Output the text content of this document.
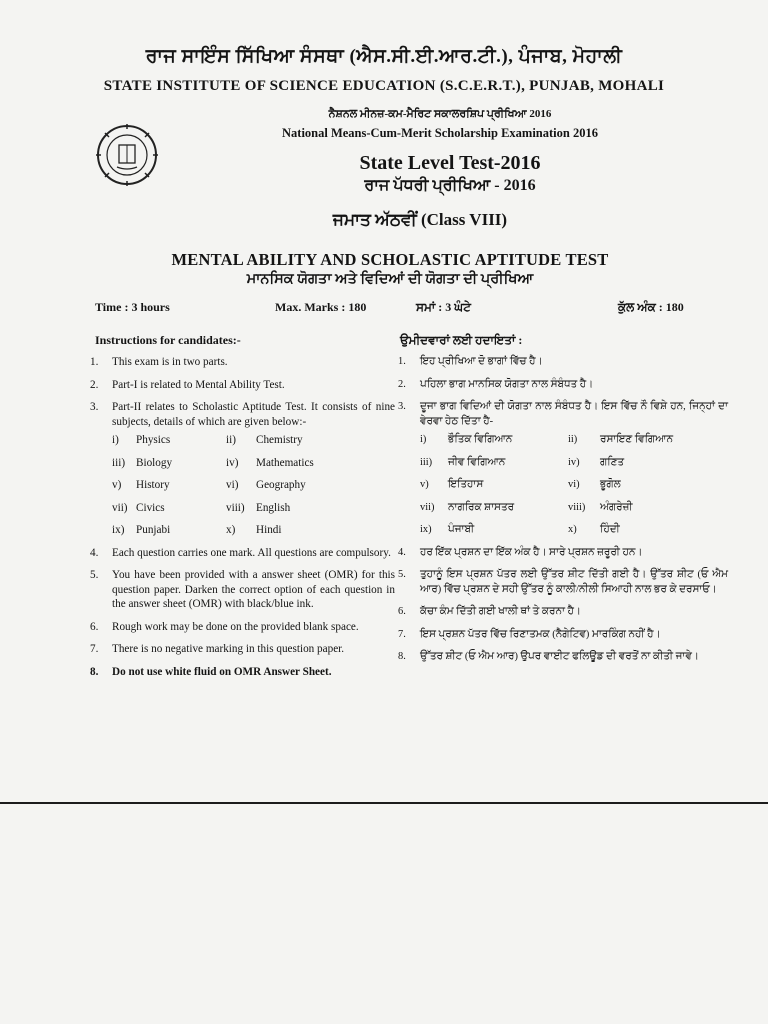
ਰਾਜ ਸਾਇੰਸ ਸਿੱਖਿਆ ਸੰਸਥਾ (ਐਸ.ਸੀ.ਈ.ਆਰ.ਟੀ.), ਪੰਜਾਬ, ਮੋਹਾਲੀ
STATE INSTITUTE OF SCIENCE EDUCATION (S.C.E.R.T.), PUNJAB, MOHALI
ਨੈਸ਼ਨਲ ਮੀਨਜ਼-ਕਮ-ਮੈਰਿਟ ਸਕਾਲਰਸ਼ਿਪ ਪ੍ਰੀਖਿਆ 2016
National Means-Cum-Merit Scholarship Examination 2016
State Level Test-2016
ਰਾਜ ਪੱਧਰੀ ਪ੍ਰੀਖਿਆ - 2016
ਜਮਾਤ ਅੱਠਵੀਂ (Class VIII)
MENTAL ABILITY AND SCHOLASTIC APTITUDE TEST
ਮਾਨਸਿਕ ਯੋਗਤਾ ਅਤੇ ਵਿਦਿਆਂ ਦੀ ਯੋਗਤਾ ਦੀ ਪ੍ਰੀਖਿਆ
Time : 3 hours	Max. Marks : 180	ਸਮਾਂ : 3 ਘੰਟੇ	ਕੁੱਲ ਅੰਕ : 180
Instructions for candidates:-	ਉਮੀਦਵਾਰਾਂ ਲਈ ਹਦਾਇਤਾਂ :
1.	This exam is in two parts.
2.	Part-I is related to Mental Ability Test.
3.	Part-II relates to Scholastic Aptitude Test. It consists of nine subjects, details of which are given below:-
i)	Physics	ii)	Chemistry
iii) Biology	iv)	Mathematics
v)	History	vi)	Geography
vii) Civics	viii)	English
ix)	Punjabi	x)	Hindi
4.	Each question carries one mark. All questions are compulsory.
5.	You have been provided with a answer sheet (OMR) for this question paper. Darken the correct option of each question in the answer sheet (OMR) with black/blue ink.
6.	Rough work may be done on the provided blank space.
7.	There is no negative marking in this question paper.
8.	Do not use white fluid on OMR Answer Sheet.
1.	ਇਹ ਪ੍ਰੀਖਿਆ ਦੋ ਭਾਗਾਂ ਵਿੱਚ ਹੈ।
2.	ਪਹਿਲਾ ਭਾਗ ਮਾਨਸਿਕ ਯੋਗਤਾ ਨਾਲ ਸੰਬੰਧਤ ਹੈ।
3.	ਦੂਜਾ ਭਾਗ ਵਿਦਿਆਂ ਦੀ ਯੋਗਤਾ ਨਾਲ ਸੰਬੰਧਤ ਹੈ। ਇਸ ਵਿੱਚ ਨੌ ਵਿਸ਼ੇ ਹਨ, ਜਿਨ੍ਹਾਂ ਦਾ ਵੇਰਵਾ ਹੇਠ ਦਿੱਤਾ ਹੈ-
i)	ਭੌਤਿਕ ਵਿਗਿਆਨ	ii)	ਰਸਾਇਣ ਵਿਗਿਆਨ
iii)	ਜੀਵ ਵਿਗਿਆਨ	iv)	ਗਣਿਤ
v)	ਇਤਿਹਾਸ	vi)	ਭੂਗੋਲ
vii)	ਨਾਗਰਿਕ ਸ਼ਾਸਤਰ	viii)	ਅੰਗਰੇਜ਼ੀ
ix)	ਪੰਜਾਬੀ	x)	ਹਿੰਦੀ
4.	ਹਰ ਇੱਕ ਪ੍ਰਸ਼ਨ ਦਾ ਇੱਕ ਅੰਕ ਹੈ। ਸਾਰੇ ਪ੍ਰਸ਼ਨ ਜ਼ਰੂਰੀ ਹਨ।
5.	ਤੁਹਾਨੂੰ ਇਸ ਪ੍ਰਸ਼ਨ ਪੱਤਰ ਲਈ ਉੱਤਰ ਸ਼ੀਟ ਦਿੱਤੀ ਗਈ ਹੈ। ਉੱਤਰ ਸ਼ੀਟ (ਓ ਐਮ ਆਰ) ਵਿੱਚ ਪ੍ਰਸ਼ਨ ਦੇ ਸਹੀ ਉੱਤਰ ਨੂੰ ਕਾਲੀ/ਨੀਲੀ ਸਿਆਹੀ ਨਾਲ ਭਰ ਕੇ ਦਰਸਾਓ।
6.	ਕੱਚਾ ਕੰਮ ਦਿੱਤੀ ਗਈ ਖਾਲੀ ਥਾਂ ਤੇ ਕਰਨਾ ਹੈ।
7.	ਇਸ ਪ੍ਰਸ਼ਨ ਪੱਤਰ ਵਿੱਚ ਰਿਣਾਤਮਕ (ਨੈਗੇਟਿਵ) ਮਾਰਕਿੰਗ ਨਹੀਂ ਹੈ।
8.	ਉੱਤਰ ਸ਼ੀਟ (ਓ ਐਮ ਆਰ) ਉਪਰ ਵਾਈਟ ਫਲਿਊਡ ਦੀ ਵਰਤੋਂ ਨਾ ਕੀਤੀ ਜਾਵੇ।
